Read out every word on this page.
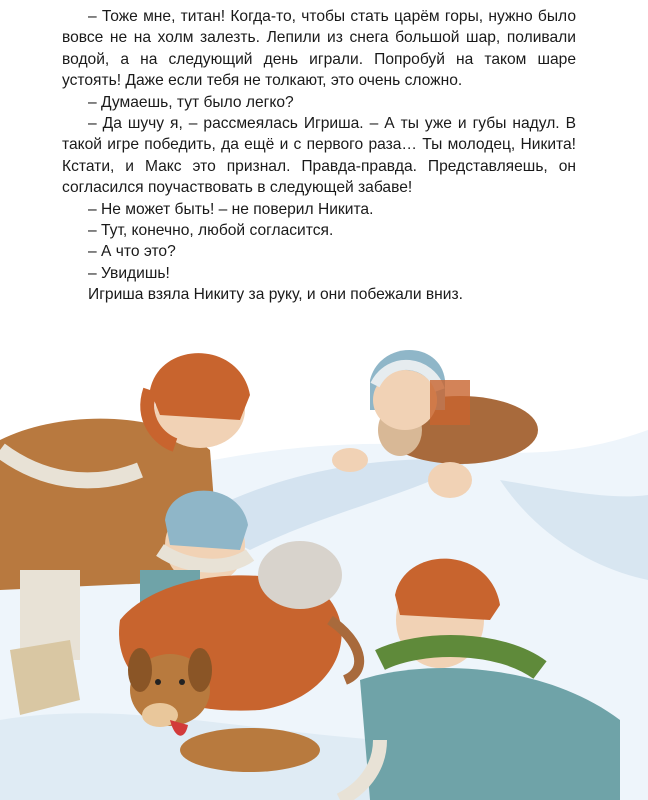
– Тоже мне, титан! Когда-то, чтобы стать царём горы, нужно было вовсе не на холм залезть. Лепили из снега большой шар, поливали водой, а на следующий день играли. Попробуй на таком шаре устоять! Даже если тебя не толкают, это очень сложно.

– Думаешь, тут было легко?

– Да шучу я, – рассмеялась Игриша. – А ты уже и губы надул. В такой игре победить, да ещё и с первого раза… Ты молодец, Никита! Кстати, и Макс это признал. Правда-правда. Представляешь, он согласился поучаствовать в следующей забаве!

– Не может быть! – не поверил Никита.

– Тут, конечно, любой согласится.

– А что это?

– Увидишь!

Игриша взяла Никиту за руку, и они побежали вниз.
